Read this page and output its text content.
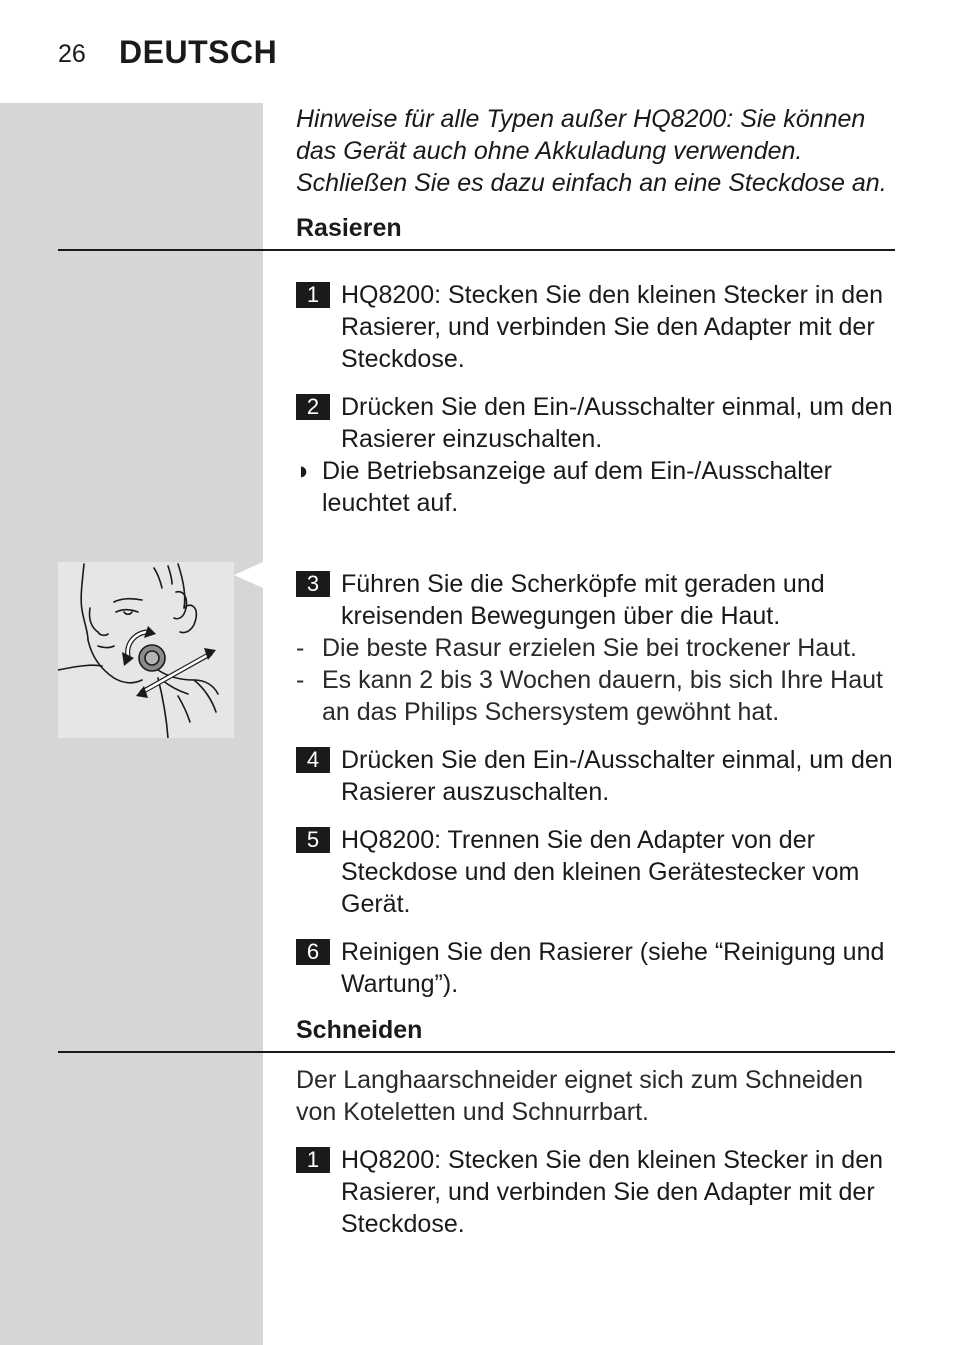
26 DEUTSCH

Hinweise für alle Typen außer HQ8200: Sie können das Gerät auch ohne Akkuladung verwenden. Schließen Sie es dazu einfach an eine Steckdose an.

Rasieren
1 HQ8200: Stecken Sie den kleinen Stecker in den Rasierer, und verbinden Sie den Adapter mit der Steckdose.
2 Drücken Sie den Ein-/Ausschalter einmal, um den Rasierer einzuschalten.
◗ Die Betriebsanzeige auf dem Ein-/Ausschalter leuchtet auf.
3 Führen Sie die Scherköpfe mit geraden und kreisenden Bewegungen über die Haut.
- Die beste Rasur erzielen Sie bei trockener Haut.
- Es kann 2 bis 3 Wochen dauern, bis sich Ihre Haut an das Philips Schersystem gewöhnt hat.
4 Drücken Sie den Ein-/Ausschalter einmal, um den Rasierer auszuschalten.
5 HQ8200: Trennen Sie den Adapter von der Steckdose und den kleinen Gerätestecker vom Gerät.
6 Reinigen Sie den Rasierer (siehe “Reinigung und Wartung”).
Schneiden

Der Langhaarschneider eignet sich zum Schneiden von Koteletten und Schnurrbart.

1 HQ8200: Stecken Sie den kleinen Stecker in den Rasierer, und verbinden Sie den Adapter mit der Steckdose.
